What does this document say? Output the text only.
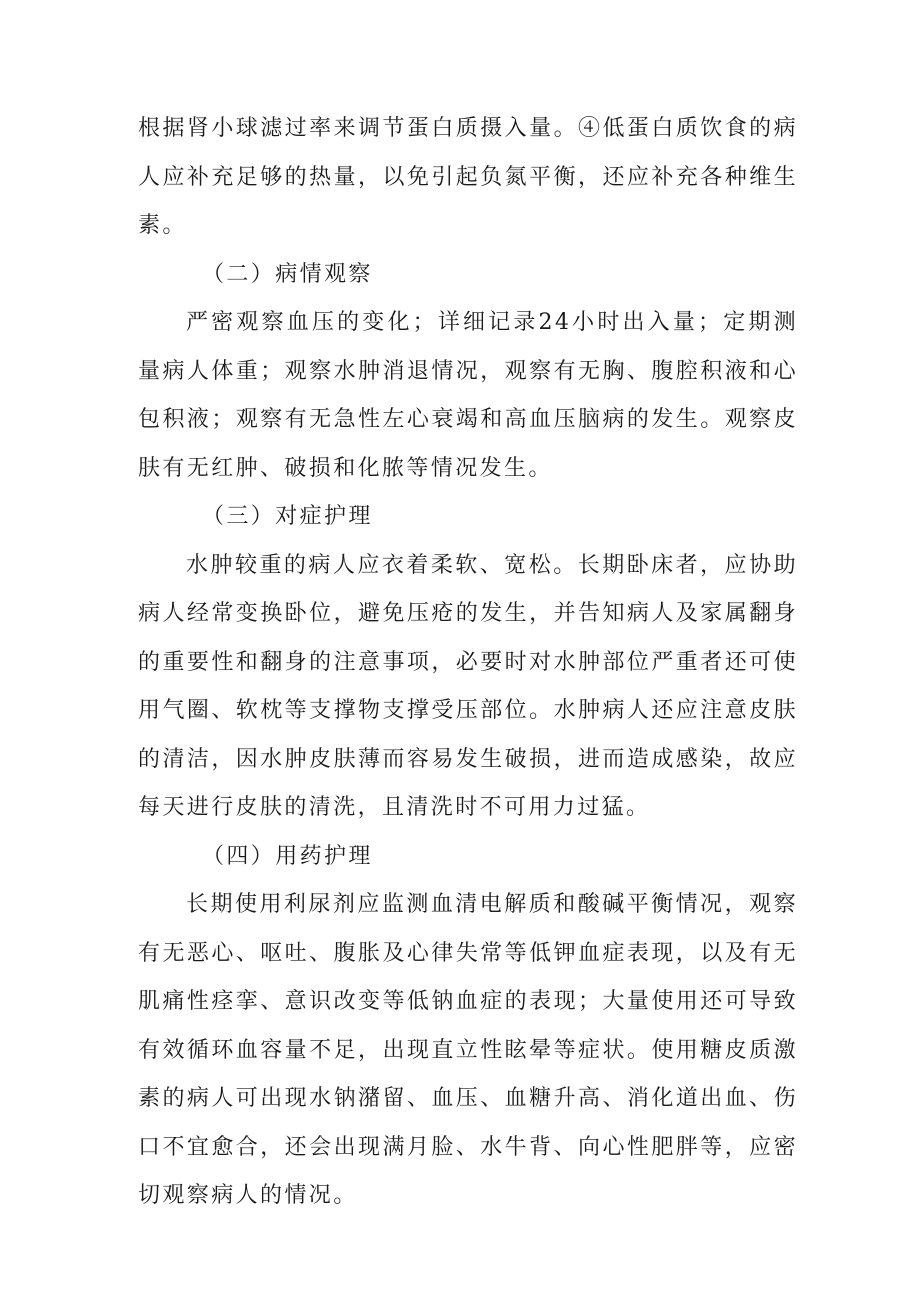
根据肾小球滤过率来调节蛋白质摄入量。④低蛋白质饮食的病人应补充足够的热量，以免引起负氮平衡，还应补充各种维生素。

（二）病情观察

严密观察血压的变化；详细记录24小时出入量；定期测量病人体重；观察水肿消退情况，观察有无胸、腹腔积液和心包积液；观察有无急性左心衰竭和高血压脑病的发生。观察皮肤有无红肿、破损和化脓等情况发生。

（三）对症护理

水肿较重的病人应衣着柔软、宽松。长期卧床者，应协助病人经常变换卧位，避免压疮的发生，并告知病人及家属翻身的重要性和翻身的注意事项，必要时对水肿部位严重者还可使用气圈、软枕等支撑物支撑受压部位。水肿病人还应注意皮肤的清洁，因水肿皮肤薄而容易发生破损，进而造成感染，故应每天进行皮肤的清洗，且清洗时不可用力过猛。

（四）用药护理

长期使用利尿剂应监测血清电解质和酸碱平衡情况，观察有无恶心、呕吐、腹胀及心律失常等低钾血症表现，以及有无肌痛性痉挛、意识改变等低钠血症的表现；大量使用还可导致有效循环血容量不足，出现直立性眩晕等症状。使用糖皮质激素的病人可出现水钠潴留、血压、血糖升高、消化道出血、伤口不宜愈合，还会出现满月脸、水牛背、向心性肥胖等，应密切观察病人的情况。
